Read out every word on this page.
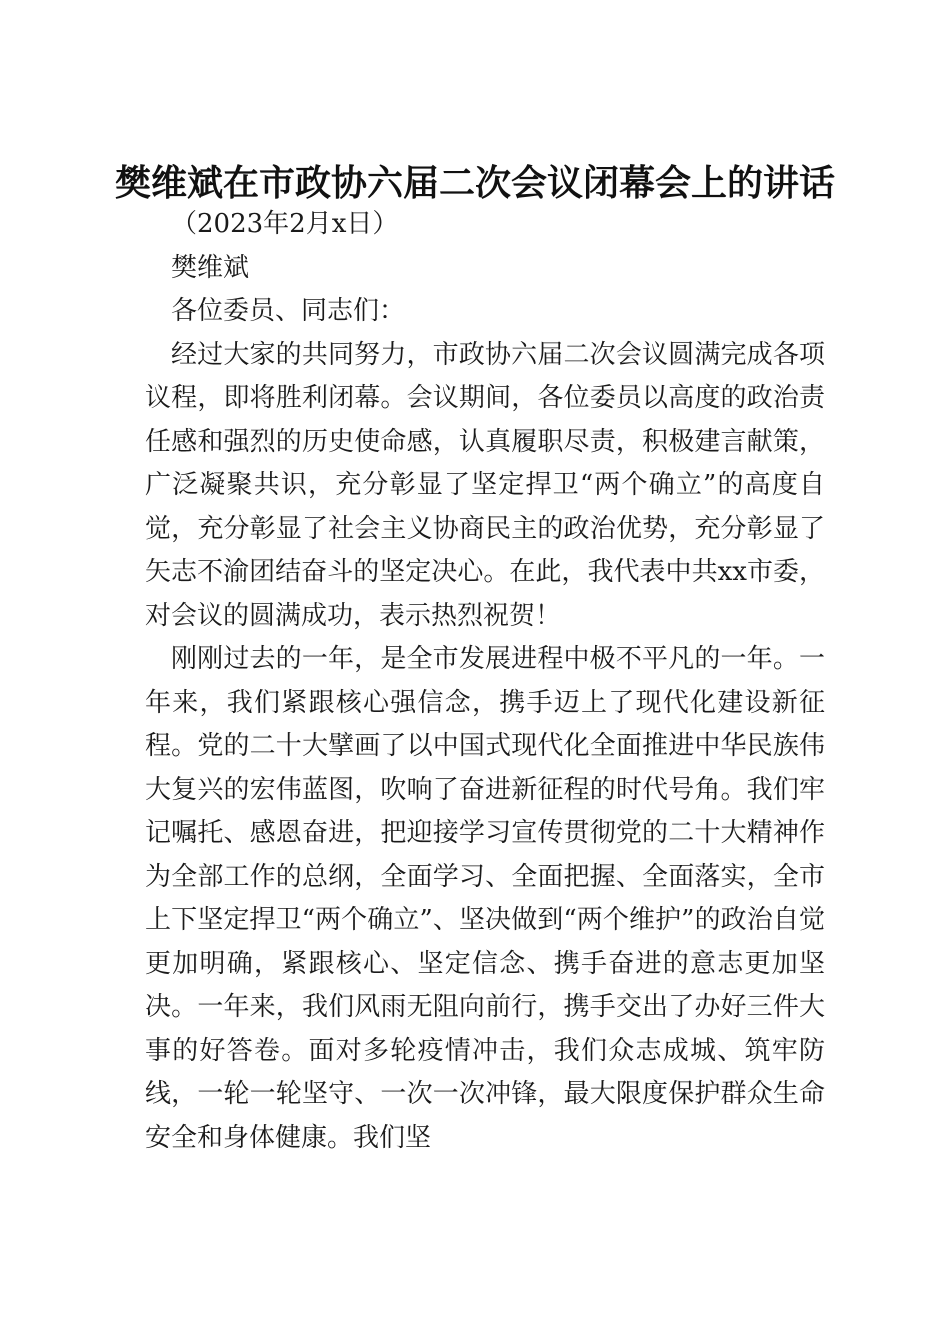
樊维斌在市政协六届二次会议闭幕会上的讲话

（2023年2月x日）

樊维斌

各位委员、同志们：

经过大家的共同努力，市政协六届二次会议圆满完成各项议程，即将胜利闭幕。会议期间，各位委员以高度的政治责任感和强烈的历史使命感，认真履职尽责，积极建言献策，广泛凝聚共识，充分彰显了坚定捍卫“两个确立”的高度自觉，充分彰显了社会主义协商民主的政治优势，充分彰显了矢志不渝团结奋斗的坚定决心。在此，我代表中共xx市委，对会议的圆满成功，表示热烈祝贺！

刚刚过去的一年，是全市发展进程中极不平凡的一年。一年来，我们紧跟核心强信念，携手迈上了现代化建设新征程。党的二十大擘画了以中国式现代化全面推进中华民族伟大复兴的宏伟蓝图，吹响了奋进新征程的时代号角。我们牢记嘱托、感恩奋进，把迎接学习宣传贯彻党的二十大精神作为全部工作的总纲，全面学习、全面把握、全面落实，全市上下坚定捍卫“两个确立”、坚决做到“两个维护”的政治自觉更加明确，紧跟核心、坚定信念、携手奋进的意志更加坚决。一年来，我们风雨无阻向前行，携手交出了办好三件大事的好答卷。面对多轮疫情冲击，我们众志成城、筑牢防线，一轮一轮坚守、一次一次冲锋，最大限度保护群众生命安全和身体健康。我们坚
